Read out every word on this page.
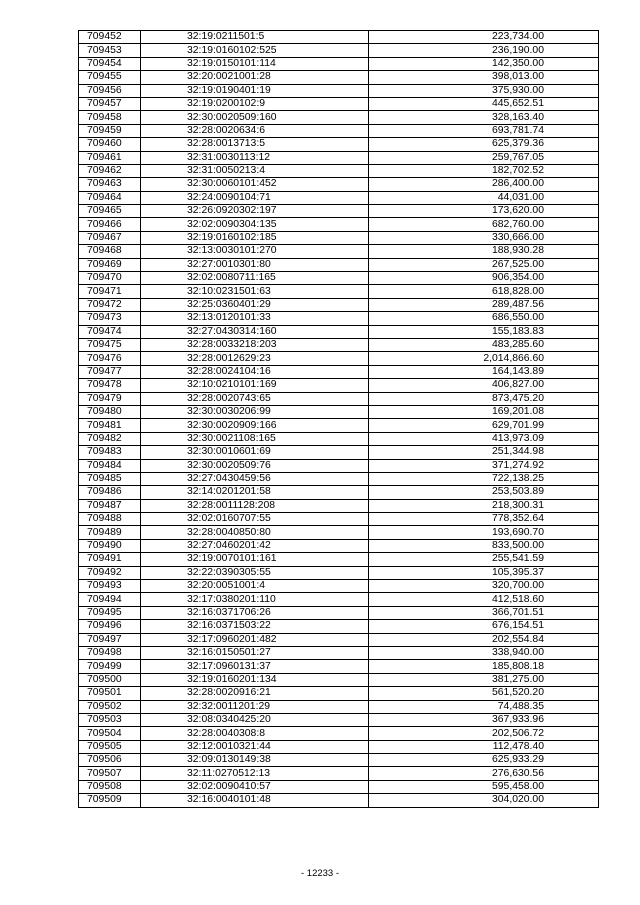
709452	32:19:0211501:5	223,734.00
709453	32:19:0160102:525	236,190.00
709454	32:19:0150101:114	142,350.00
709455	32:20:0021001:28	398,013.00
709456	32:19:0190401:19	375,930.00
709457	32:19:0200102:9	445,652.51
709458	32:30:0020509:160	328,163.40
709459	32:28:0020634:6	693,781.74
709460	32:28:0013713:5	625,379.36
709461	32:31:0030113:12	259,767.05
709462	32:31:0050213:4	182,702.52
709463	32:30:0060101:452	286,400.00
709464	32:24:0090104:71	44,031.00
709465	32:26:0920302:197	173,620.00
709466	32:02:0090304:135	682,760.00
709467	32:19:0160102:185	330,666.00
709468	32:13:0030101:270	188,930.28
709469	32:27:0010301:80	267,525.00
709470	32:02:0080711:165	906,354.00
709471	32:10:0231501:63	618,828.00
709472	32:25:0360401:29	289,487.56
709473	32:13:0120101:33	686,550.00
709474	32:27:0430314:160	155,183.83
709475	32:28:0033218:203	483,285.60
709476	32:28:0012629:23	2,014,866.60
709477	32:28:0024104:16	164,143.89
709478	32:10:0210101:169	406,827.00
709479	32:28:0020743:65	873,475.20
709480	32:30:0030206:99	169,201.08
709481	32:30:0020909:166	629,701.99
709482	32:30:0021108:165	413,973.09
709483	32:30:0010601:69	251,344.98
709484	32:30:0020509:76	371,274.92
709485	32:27:0430459:56	722,138.25
709486	32:14:0201201:58	253,503.89
709487	32:28:0011128:208	218,300.31
709488	32:02:0160707:55	778,352.64
709489	32:28:0040850:80	193,690.70
709490	32:27:0460201:42	833,500.00
709491	32:19:0070101:161	255,541.59
709492	32:22:0390305:55	105,395.37
709493	32:20:0051001:4	320,700.00
709494	32:17:0380201:110	412,518.60
709495	32:16:0371706:26	366,701.51
709496	32:16:0371503:22	676,154.51
709497	32:17:0960201:482	202,554.84
709498	32:16:0150501:27	338,940.00
709499	32:17:0960131:37	185,808.18
709500	32:19:0160201:134	381,275.00
709501	32:28:0020916:21	561,520.20
709502	32:32:0011201:29	74,488.35
709503	32:08:0340425:20	367,933.96
709504	32:28:0040308:8	202,506.72
709505	32:12:0010321:44	112,478.40
709506	32:09:0130149:38	625,933.29
709507	32:11:0270512:13	276,630.56
709508	32:02:0090410:57	595,458.00
709509	32:16:0040101:48	304,020.00
- 12233 -
